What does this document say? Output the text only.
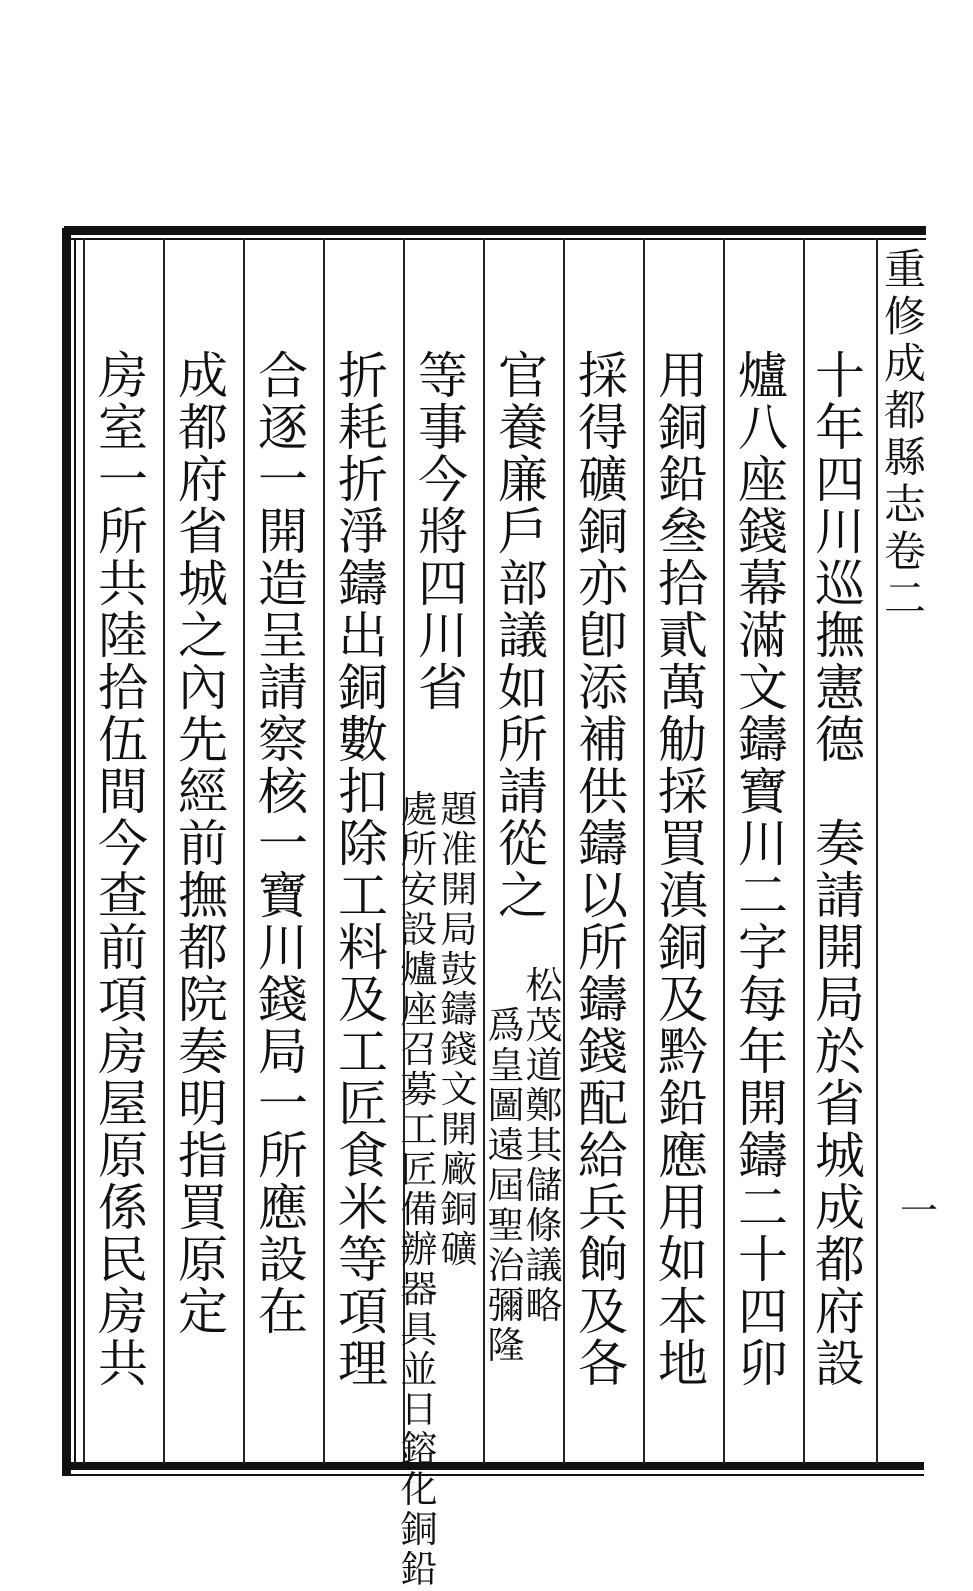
重
修
成
都
縣
志
卷
二
一
十
年
四
川
巡
撫
憲
德
奏
請
開
局
於
省
城
成
都
府
設
爐
八
座
錢
幕
滿
文
鑄
寶
川
二
字
每
年
開
鑄
二
十
四
卯
用
銅
鉛
叄
拾
貳
萬
觔
採
買
滇
銅
及
黔
鉛
應
用
如
本
地
採
得
礦
銅
亦
卽
添
補
供
鑄
以
所
鑄
錢
配
給
兵
餉
及
各
官
養
廉
戶
部
議
如
所
請
從
之
松
茂
道
鄭
其
儲
條
議
略
爲
皇
圖
遠
屆
聖
治
彌
隆
等
事
今
將
四
川
省
題
准
開
局
鼓
鑄
錢
文
開
廠
銅
礦
處
所
安
設
爐
座
召
募
工
匠
備
辦
器
具
並
日
鎔
化
銅
鉛
折
耗
折
淨
鑄
出
銅
數
扣
除
工
料
及
工
匠
食
米
等
項
理
合
逐
一
開
造
呈
請
察
核
一
寶
川
錢
局
一
所
應
設
在
成
都
府
省
城
之
內
先
經
前
撫
都
院
奏
明
指
買
原
定
房
室
一
所
共
陸
拾
伍
間
今
查
前
項
房
屋
原
係
民
房
共
